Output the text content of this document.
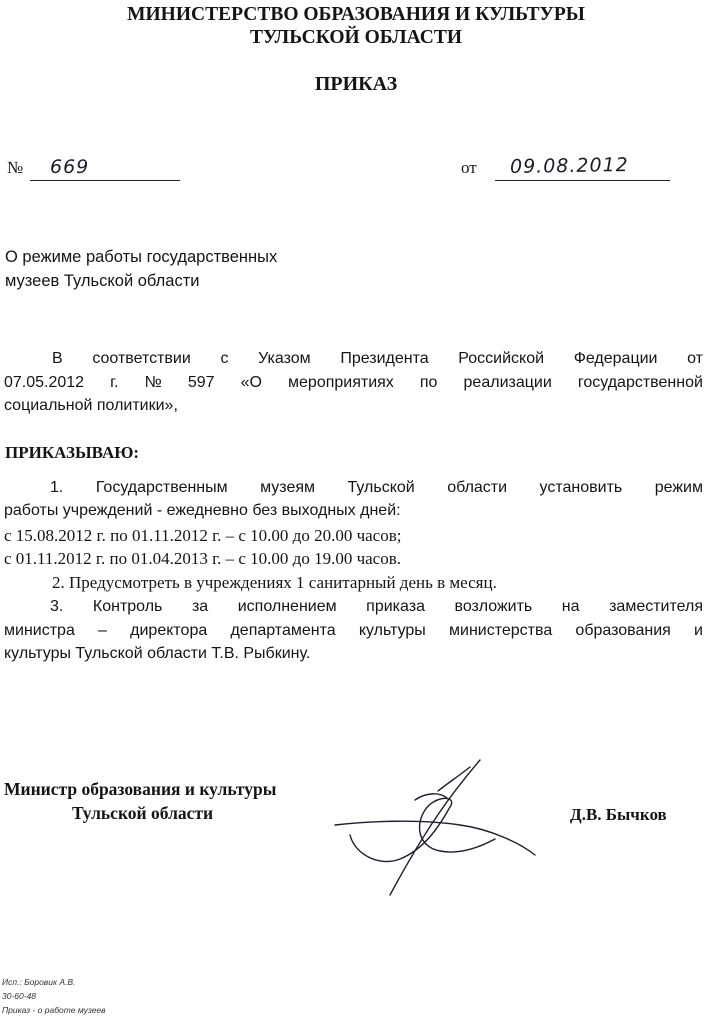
МИНИСТЕРСТВО ОБРАЗОВАНИЯ И КУЛЬТУРЫ
ТУЛЬСКОЙ ОБЛАСТИ
ПРИКАЗ
№ 669	от 09.08.2012
О режиме работы государственных
музеев Тульской области
В соответствии с Указом Президента Российской Федерации от
07.05.2012 г. № 597 «О мероприятиях по реализации государственной
социальной политики»,
ПРИКАЗЫВАЮ:
1. Государственным музеям Тульской области установить режим
работы учреждений - ежедневно без выходных дней:
с 15.08.2012 г. по 01.11.2012 г. – с 10.00 до 20.00 часов;
с 01.11.2012 г. по 01.04.2013 г. – с 10.00 до 19.00 часов.
2. Предусмотреть в учреждениях 1 санитарный день в месяц.
3. Контроль за исполнением приказа возложить на заместителя
министра – директора департамента культуры министерства образования и
культуры Тульской области Т.В. Рыбкину.
Министр образования и культуры
Тульской области	Д.В. Бычков
Исп.: Боровик А.В.
30-60-48
Приказ - о работе музеев
